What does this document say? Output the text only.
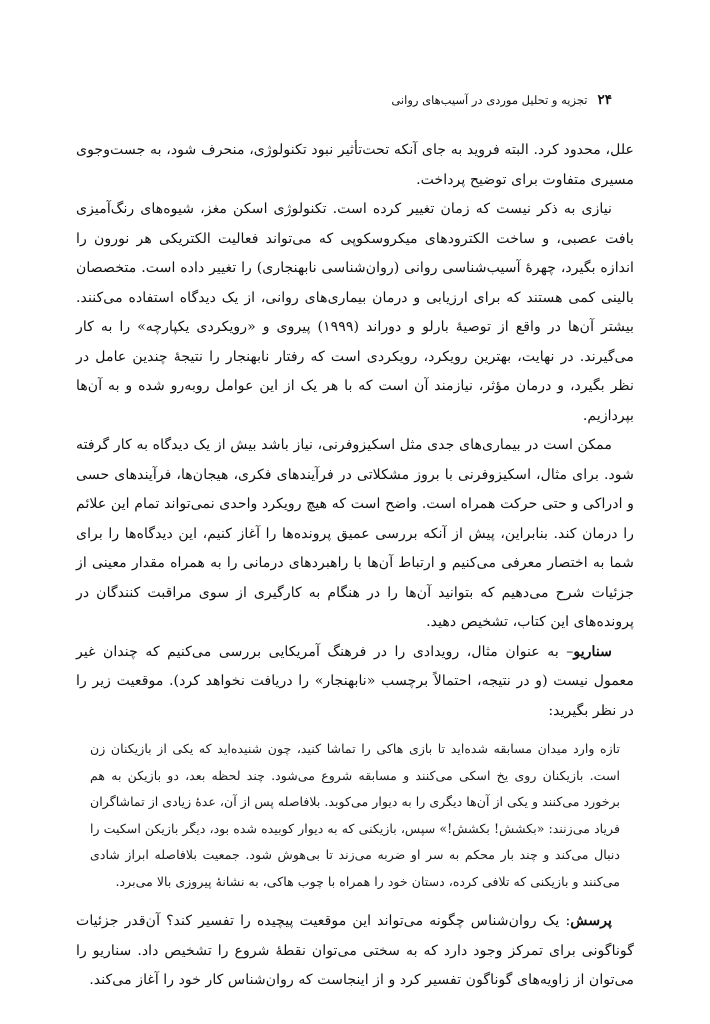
۲۴
تجزیه و تحلیل موردی در آسیب‌های روانی

علل، محدود کرد. البته فروید به جای آنکه تحت‌تأثیر نبود تکنولوژی، منحرف شود، به جست‌وجوی مسیری متفاوت برای توضیح پرداخت.

نیازی به ذکر نیست که زمان تغییر کرده است. تکنولوژی اسکن مغز، شیوه‌های رنگ‌آمیزی بافت عصبی، و ساخت الکترودهای میکروسکوپی که می‌تواند فعالیت الکتریکی هر نورون را اندازه بگیرد، چهرهٔ آسیب‌شناسی روانی (روان‌شناسی نابهنجاری) را تغییر داده است. متخصصان بالینی کمی هستند که برای ارزیابی و درمان بیماری‌های روانی، از یک دیدگاه استفاده می‌کنند. بیشتر آن‌ها در واقع از توصیهٔ بارلو و دوراند (۱۹۹۹) پیروی و «رویکردی یکپارچه» را به کار می‌گیرند. در نهایت، بهترین رویکرد، رویکردی است که رفتار نابهنجار را نتیجهٔ چندین عامل در نظر بگیرد، و درمان مؤثر، نیازمند آن است که با هر یک از این عوامل روبه‌رو شده و به آن‌ها بپردازیم.

ممکن است در بیماری‌های جدی مثل اسکیزوفرنی، نیاز باشد بیش از یک دیدگاه به کار گرفته شود. برای مثال، اسکیزوفرنی با بروز مشکلاتی در فرآیندهای فکری، هیجان‌ها، فرآیندهای حسی و ادراکی و حتی حرکت همراه است. واضح است که هیچ رویکرد واحدی نمی‌تواند تمام این علائم را درمان کند. بنابراین، پیش از آنکه بررسی عمیق پرونده‌ها را آغاز کنیم، این دیدگاه‌ها را برای شما به اختصار معرفی می‌کنیم و ارتباط آن‌ها با راهبردهای درمانی را به همراه مقدار معینی از جزئیات شرح می‌دهیم که بتوانید آن‌ها را در هنگام به کارگیری از سوی مراقبت کنندگان در پرونده‌های این کتاب، تشخیص دهید.

سناریو– به عنوان مثال، رویدادی را در فرهنگ آمریکایی بررسی می‌کنیم که چندان غیر معمول نیست (و در نتیجه، احتمالاً برچسب «نابهنجار» را دریافت نخواهد کرد). موقعیت زیر را در نظر بگیرید:

تازه وارد میدان مسابقه شده‌اید تا بازی هاکی را تماشا کنید، چون شنیده‌اید که یکی از بازیکنان زن است. بازیکنان روی یخ اسکی می‌کنند و مسابقه شروع می‌شود. چند لحظه بعد، دو بازیکن به هم برخورد می‌کنند و یکی از آن‌ها دیگری را به دیوار می‌کوبد. بلافاصله پس از آن، عدهٔ زیادی از تماشاگران فریاد می‌زنند: «بکشش! بکشش!» سپس، بازیکنی که به دیوار کوبیده شده بود، دیگر بازیکن اسکیت را دنبال می‌کند و چند بار محکم به سر او ضربه می‌زند تا بی‌هوش شود. جمعیت بلافاصله ابراز شادی می‌کنند و بازیکنی که تلافی کرده، دستان خود را همراه با چوب هاکی، به نشانهٔ پیروزی بالا می‌برد.

پرسش: یک روان‌شناس چگونه می‌تواند این موقعیت پیچیده را تفسیر کند؟ آن‌قدر جزئیات گوناگونی برای تمرکز وجود دارد که به سختی می‌توان نقطهٔ شروع را تشخیص داد. سناریو را می‌توان از زاویه‌های گوناگون تفسیر کرد و از اینجاست که روان‌شناس کار خود را آغاز می‌کند.
